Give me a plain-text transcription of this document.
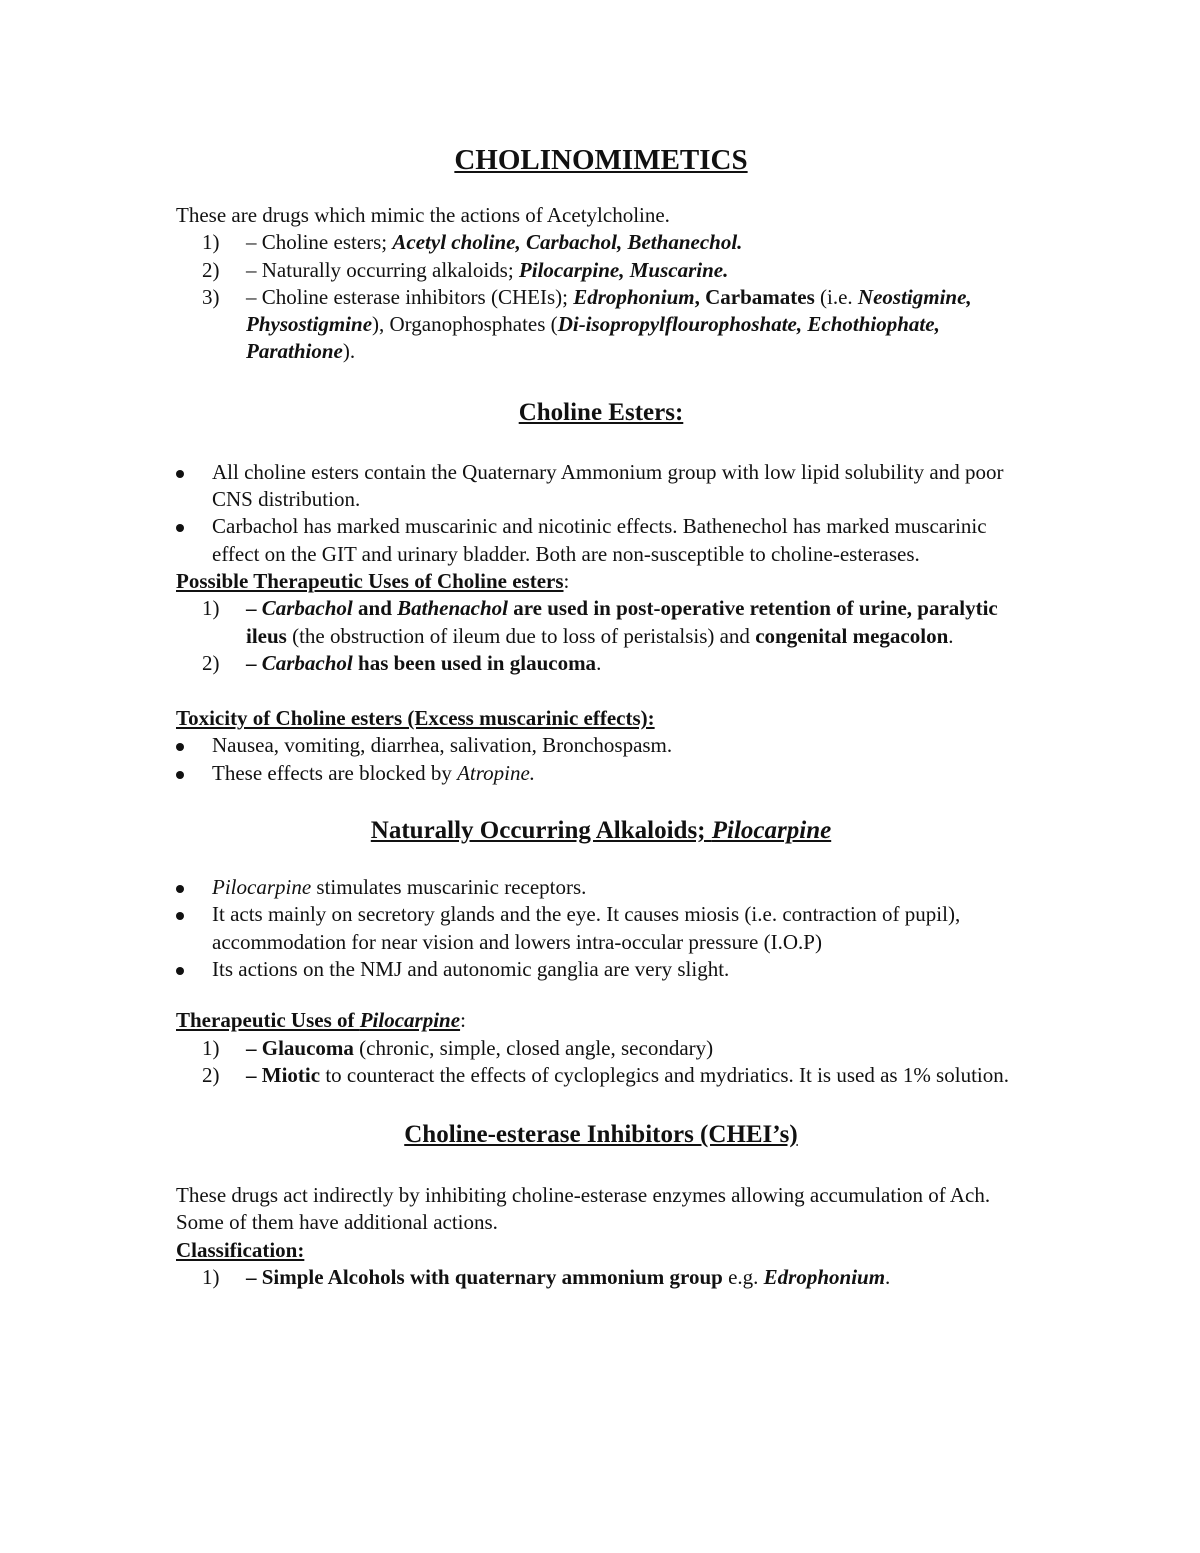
CHOLINOMIMETICS

These are drugs which mimic the actions of Acetylcholine.

1) – Choline esters; Acetyl choline, Carbachol, Bethanechol.
2) – Naturally occurring alkaloids; Pilocarpine, Muscarine.
3) – Choline esterase inhibitors (CHEIs); Edrophonium, Carbamates (i.e. Neostigmine, Physostigmine), Organophosphates (Di-isopropylflourophoshate, Echothiophate, Parathione).
Choline Esters:
All choline esters contain the Quaternary Ammonium group with low lipid solubility and poor CNS distribution.
Carbachol has marked muscarinic and nicotinic effects. Bathenechol has marked muscarinic effect on the GIT and urinary bladder. Both are non-susceptible to choline-esterases.

Possible Therapeutic Uses of Choline esters:

1) – Carbachol and Bathenachol are used in post-operative retention of urine, paralytic ileus (the obstruction of ileum due to loss of peristalsis) and congenital megacolon.
2) – Carbachol has been used in glaucoma.

Toxicity of Choline esters (Excess muscarinic effects):

Nausea, vomiting, diarrhea, salivation, Bronchospasm.
These effects are blocked by Atropine.
Naturally Occurring Alkaloids; Pilocarpine
Pilocarpine stimulates muscarinic receptors.
It acts mainly on secretory glands and the eye. It causes miosis (i.e. contraction of pupil), accommodation for near vision and lowers intra-occular pressure (I.O.P)
Its actions on the NMJ and autonomic ganglia are very slight.

Therapeutic Uses of Pilocarpine:

1) – Glaucoma (chronic, simple, closed angle, secondary)
2) – Miotic to counteract the effects of cycloplegics and mydriatics. It is used as 1% solution.
Choline-esterase Inhibitors (CHEI’s)

These drugs act indirectly by inhibiting choline-esterase enzymes allowing accumulation of Ach. Some of them have additional actions.

Classification:

1) – Simple Alcohols with quaternary ammonium group e.g. Edrophonium.
